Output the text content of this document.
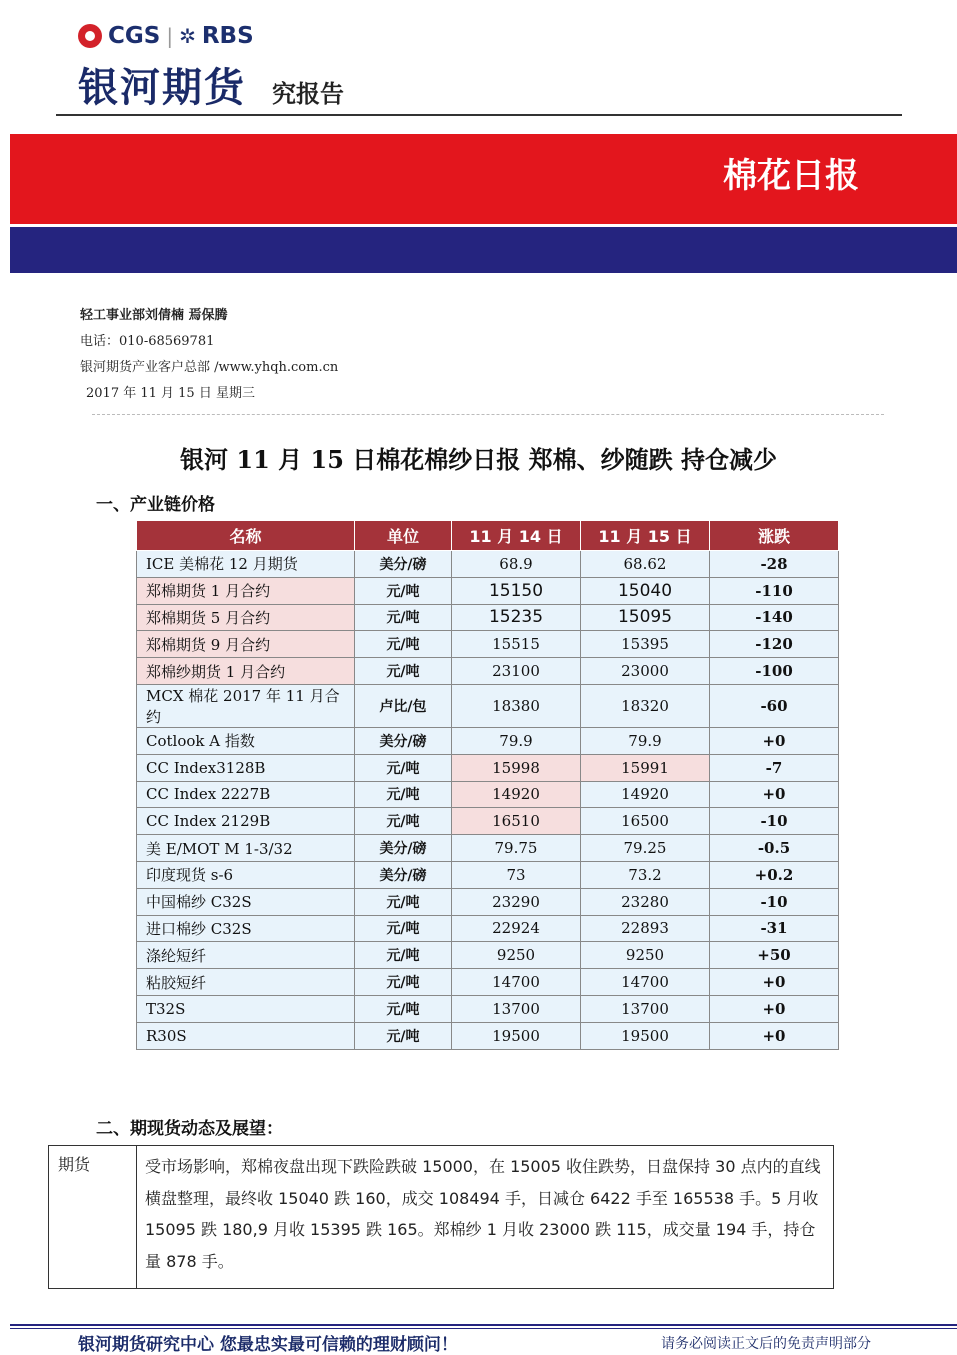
CGS | ✲ RBS
银河期货 究报告
棉花日报
轻工事业部刘倩楠 焉保腾
电话：010-68569781
银河期货产业客户总部 /www.yhqh.com.cn
2017 年 11 月 15 日 星期三
银河 11 月 15 日棉花棉纱日报 郑棉、纱随跌 持仓减少
一、产业链价格
名称	单位	11 月 14 日	11 月 15 日	涨跌
ICE 美棉花 12 月期货	美分/磅	68.9	68.62	-28
郑棉期货 1 月合约	元/吨	15150	15040	-110
郑棉期货 5 月合约	元/吨	15235	15095	-140
郑棉期货 9 月合约	元/吨	15515	15395	-120
郑棉纱期货 1 月合约	元/吨	23100	23000	-100
MCX 棉花 2017 年 11 月合约	卢比/包	18380	18320	-60
Cotlook A 指数	美分/磅	79.9	79.9	+0
CC Index3128B	元/吨	15998	15991	-7
CC Index 2227B	元/吨	14920	14920	+0
CC Index 2129B	元/吨	16510	16500	-10
美 E/MOT M 1-3/32	美分/磅	79.75	79.25	-0.5
印度现货 s-6	美分/磅	73	73.2	+0.2
中国棉纱 C32S	元/吨	23290	23280	-10
进口棉纱 C32S	元/吨	22924	22893	-31
涤纶短纤	元/吨	9250	9250	+50
粘胶短纤	元/吨	14700	14700	+0
T32S	元/吨	13700	13700	+0
R30S	元/吨	19500	19500	+0
二、期现货动态及展望：
期货	受市场影响，郑棉夜盘出现下跌险跌破 15000，在 15005 收住跌势，日盘保持 30 点内的直线横盘整理，最终收 15040 跌 160，成交 108494 手，日减仓 6422 手至 165538 手。5 月收 15095 跌 180,9 月收 15395 跌 165。郑棉纱 1 月收 23000 跌 115，成交量 194 手，持仓量 878 手。
银河期货研究中心 您最忠实最可信赖的理财顾问！	请务必阅读正文后的免责声明部分
